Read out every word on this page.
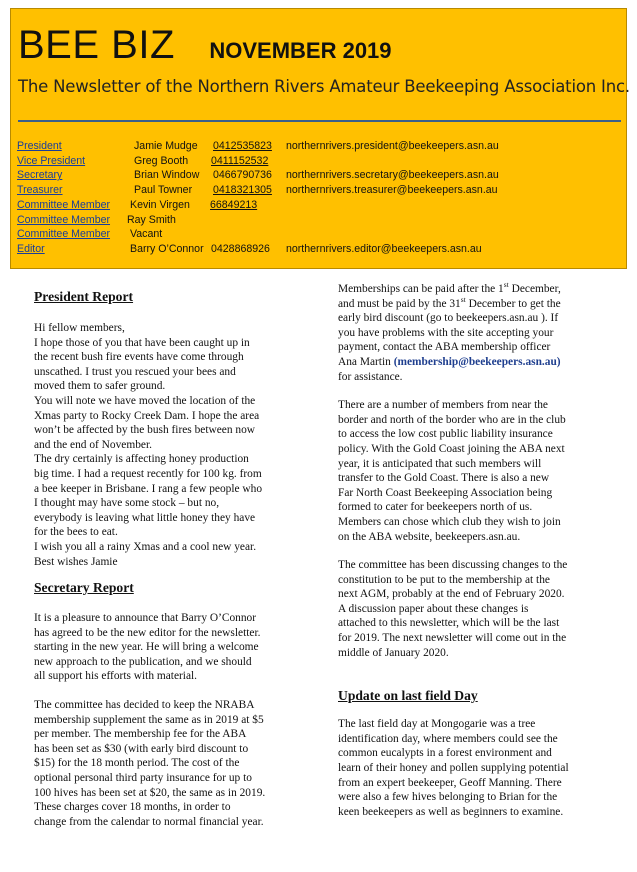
BEE BIZ NOVEMBER 2019
The Newsletter of the Northern Rivers Amateur Beekeeping Association Inc.
President	Jamie Mudge 0412535823 northernrivers.president@beekeepers.asn.au
Vice President	Greg Booth 0411152532
Secretary	Brian Window 0466790736 northernrivers.secretary@beekeepers.asn.au
Treasurer	Paul Towner 0418321305 northernrivers.treasurer@beekeepers.asn.au
Committee Member Kevin Virgen 66849213
Committee Member Ray Smith
Committee Member Vacant
Editor	Barry O’Connor 0428868926 northernrivers.editor@beekeepers.asn.au
President Report
Hi fellow members,
I hope those of you that have been caught up in
the recent bush fire events have come through
unscathed. I trust you rescued your bees and
moved them to safer ground.
You will note we have moved the location of the
Xmas party to Rocky Creek Dam. I hope the area
won’t be affected by the bush fires between now
and the end of November.
The dry certainly is affecting honey production
big time. I had a request recently for 100 kg. from
a bee keeper in Brisbane. I rang a few people who
I thought may have some stock – but no,
everybody is leaving what little honey they have
for the bees to eat.
I wish you all a rainy Xmas and a cool new year.
Best wishes Jamie
Secretary Report
It is a pleasure to announce that Barry O’Connor
has agreed to be the new editor for the newsletter.
starting in the new year. He will bring a welcome
new approach to the publication, and we should
all support his efforts with material.
The committee has decided to keep the NRABA
membership supplement the same as in 2019 at $5
per member. The membership fee for the ABA
has been set as $30 (with early bird discount to
$15) for the 18 month period. The cost of the
optional personal third party insurance for up to
100 hives has been set at $20, the same as in 2019.
These charges cover 18 months, in order to
change from the calendar to normal financial year.
Memberships can be paid after the 1st December,
and must be paid by the 31st December to get the
early bird discount (go to beekeepers.asn.au ). If
you have problems with the site accepting your
payment, contact the ABA membership officer
Ana Martin (membership@beekeepers.asn.au)
for assistance.
There are a number of members from near the
border and north of the border who are in the club
to access the low cost public liability insurance
policy. With the Gold Coast joining the ABA next
year, it is anticipated that such members will
transfer to the Gold Coast. There is also a new
Far North Coast Beekeeping Association being
formed to cater for beekeepers north of us.
Members can chose which club they wish to join
on the ABA website, beekeepers.asn.au.
The committee has been discussing changes to the
constitution to be put to the membership at the
next AGM, probably at the end of February 2020.
A discussion paper about these changes is
attached to this newsletter, which will be the last
for 2019. The next newsletter will come out in the
middle of January 2020.
Update on last field Day
The last field day at Mongogarie was a tree
identification day, where members could see the
common eucalypts in a forest environment and
learn of their honey and pollen supplying potential
from an expert beekeeper, Geoff Manning. There
were also a few hives belonging to Brian for the
keen beekeepers as well as beginners to examine.
